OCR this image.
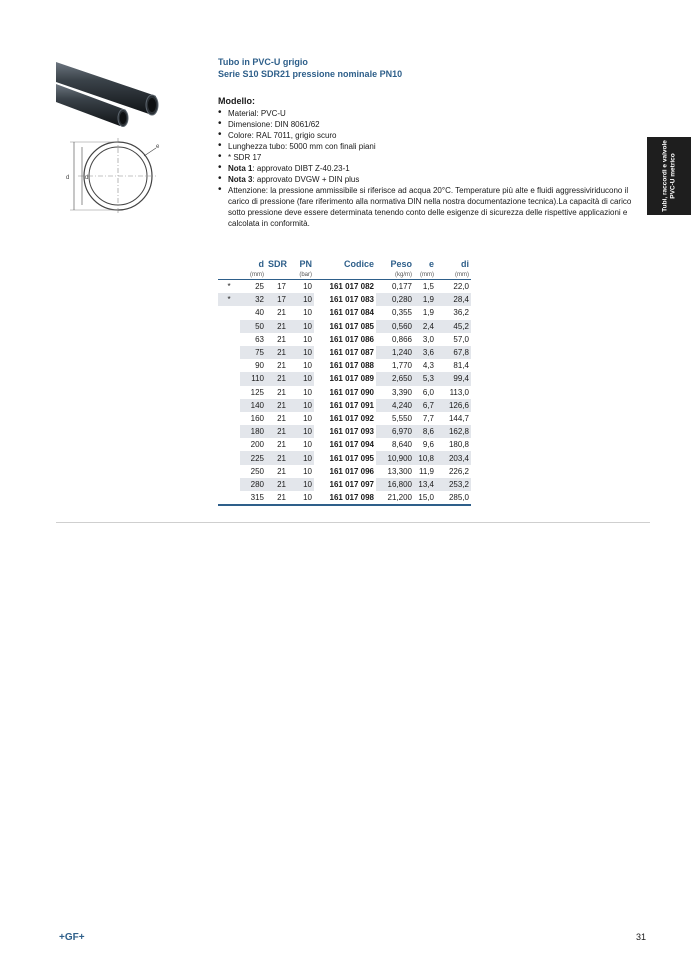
d	di
e
Tubo in PVC-U grigio
Serie S10 SDR21 pressione nominale PN10
Modello:
• Material: PVC-U
• Dimensione: DIN 8061/62
• Colore: RAL 7011, grigio scuro
• Lunghezza tubo: 5000 mm con finali piani
• * SDR 17
• Nota 1: approvato DIBT Z-40.23-1
• Nota 3: approvato DVGW + DIN plus
• Attenzione: la pressione ammissibile si riferisce ad acqua 20°C. Temperature più alte e fluidi aggressiviriducono il carico di pressione (fare riferimento alla normativa DIN nella nostra documentazione tecnica).La capacità di carico sotto pressione deve essere determinata tenendo conto delle esigenze di sicurezza delle rispettive applicazioni e calcolata in conformità.
Tubi, raccordi e valvole PVC-U metrico
	d	SDR	PN	Codice	Peso	e	di
	(mm)		(bar)		(kg/m)	(mm)	(mm)
*	25	17	10	161 017 082	0,177	1,5	22,0
*	32	17	10	161 017 083	0,280	1,9	28,4
	40	21	10	161 017 084	0,355	1,9	36,2
	50	21	10	161 017 085	0,560	2,4	45,2
	63	21	10	161 017 086	0,866	3,0	57,0
	75	21	10	161 017 087	1,240	3,6	67,8
	90	21	10	161 017 088	1,770	4,3	81,4
	110	21	10	161 017 089	2,650	5,3	99,4
	125	21	10	161 017 090	3,390	6,0	113,0
	140	21	10	161 017 091	4,240	6,7	126,6
	160	21	10	161 017 092	5,550	7,7	144,7
	180	21	10	161 017 093	6,970	8,6	162,8
	200	21	10	161 017 094	8,640	9,6	180,8
	225	21	10	161 017 095	10,900	10,8	203,4
	250	21	10	161 017 096	13,300	11,9	226,2
	280	21	10	161 017 097	16,800	13,4	253,2
	315	21	10	161 017 098	21,200	15,0	285,0
+GF+	31
